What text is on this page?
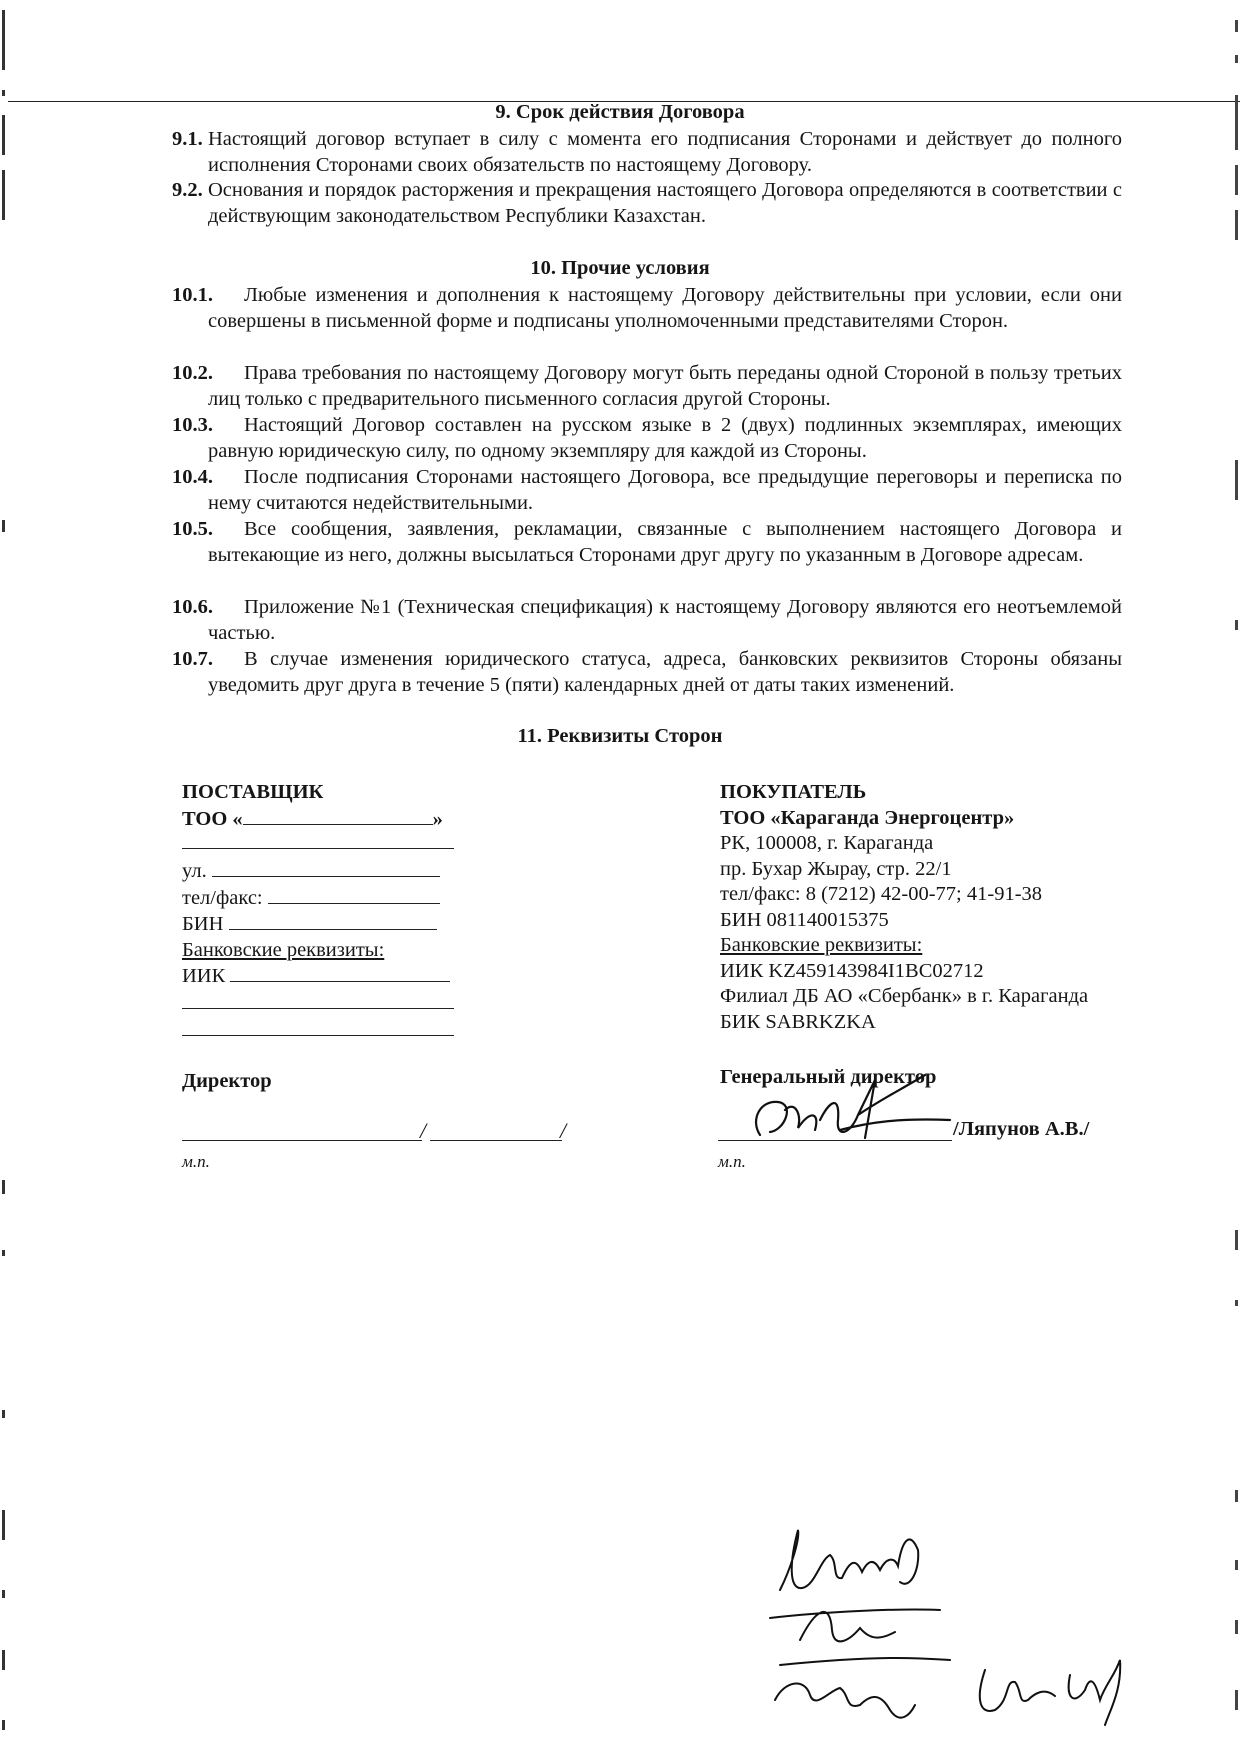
9. Срок действия Договора
9.1. Настоящий договор вступает в силу с момента его подписания Сторонами и действует до полного исполнения Сторонами своих обязательств по настоящему Договору.
9.2. Основания и порядок расторжения и прекращения настоящего Договора определяются в соответствии с действующим законодательством Республики Казахстан.
10. Прочие условия
10.1.	Любые изменения и дополнения к настоящему Договору действительны при условии, если они совершены в письменной форме и подписаны уполномоченными представителями Сторон.
10.2.	Права требования по настоящему Договору могут быть переданы одной Стороной в пользу третьих лиц только с предварительного письменного согласия другой Стороны.
10.3.	Настоящий Договор составлен на русском языке в 2 (двух) подлинных экземплярах, имеющих равную юридическую силу, по одному экземпляру для каждой из Стороны.
10.4.	После подписания Сторонами настоящего Договора, все предыдущие переговоры и переписка по нему считаются недействительными.
10.5.	Все сообщения, заявления, рекламации, связанные с выполнением настоящего Договора и вытекающие из него, должны высылаться Сторонами друг другу по указанным в Договоре адресам.
10.6.	Приложение №1 (Техническая спецификация) к настоящему Договору являются его неотъемлемой частью.
10.7.	В случае изменения юридического статуса, адреса, банковских реквизитов Стороны обязаны уведомить друг друга в течение 5 (пяти) календарных дней от даты таких изменений.
11. Реквизиты Сторон
ПОСТАВЩИК
ТОО «	»
ул.
тел/факс:
БИН
Банковские реквизиты:
ИИК
ПОКУПАТЕЛЬ
ТОО «Караганда Энергоцентр»
РК, 100008, г. Караганда
пр. Бухар Жырау, стр. 22/1
тел/факс: 8 (7212) 42-00-77; 41-91-38
БИН 081140015375
Банковские реквизиты:
ИИК KZ459143984I1BC02712
Филиал ДБ АО «Сбербанк» в г. Караганда
БИК SABRKZKA
Директор	Генеральный директор
/	/
м.п.
/Ляпунов А.В./
м.п.
